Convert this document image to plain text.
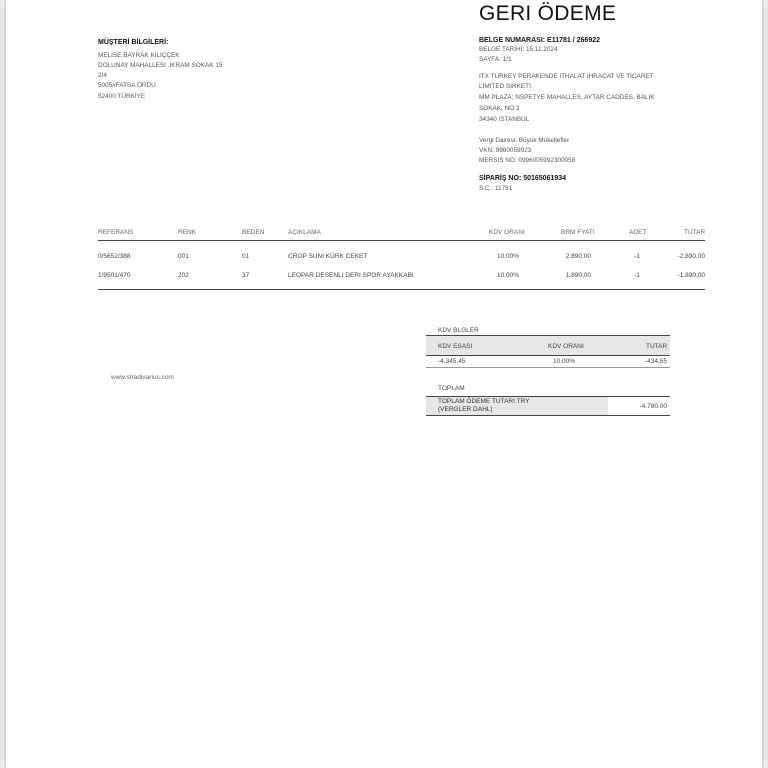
GERI ÖDEME
BELGE NUMARASI: E11781 / 266922
BELGE TARİHİ: 15.11.2024
SAYFA: 1/1
ITX TURKEY PERAKENDE ITHALAT IHRACAT VE TICARET
LIMITED SIRKETI
MM PLAZA; NSPETYE MAHALLES, AYTAR CADDES, BALIK
SOKAK, NO:3
34340 ISTANBUL
Vergi Dairesi: Büyük Mükellefler
VKN: 9960059923
MERSIS NO: 0996005992300058
SİPARİŞ NO: 50165061934
S.C.: 11781
MÜŞTERİ BİLGİLERİ:
MELISE BAYRAK KILIÇÇEK
DOLUNAY MAHALLESI ,IKRAM SOKAK 15
2/4
5005#FATSA ORDU
52400 TÜRKİYE
REFERANS	RENK	BEDEN	AÇIKLAMA	KDV ORANI	BRM FYATI	ADET	TUTAR
0/5652/388	001	01	CROP SUNI KÜRK CEKET	10,00%	2.890,00	-1	-2.890,00
1/9501/470	202	37	LEOPAR DESENLI DERI SPOR AYAKKABI	10,00%	1.890,00	-1	-1.890,00
www.stradivarius.com
KDV BLGLER
KDV ESASI	KDV ORANI	TUTAR
-4.345,45	10,00%	-434,55
TOPLAM
TOPLAM ÖDEME TUTARI TRY
(VERGLER DAHL)	-4.780,00
